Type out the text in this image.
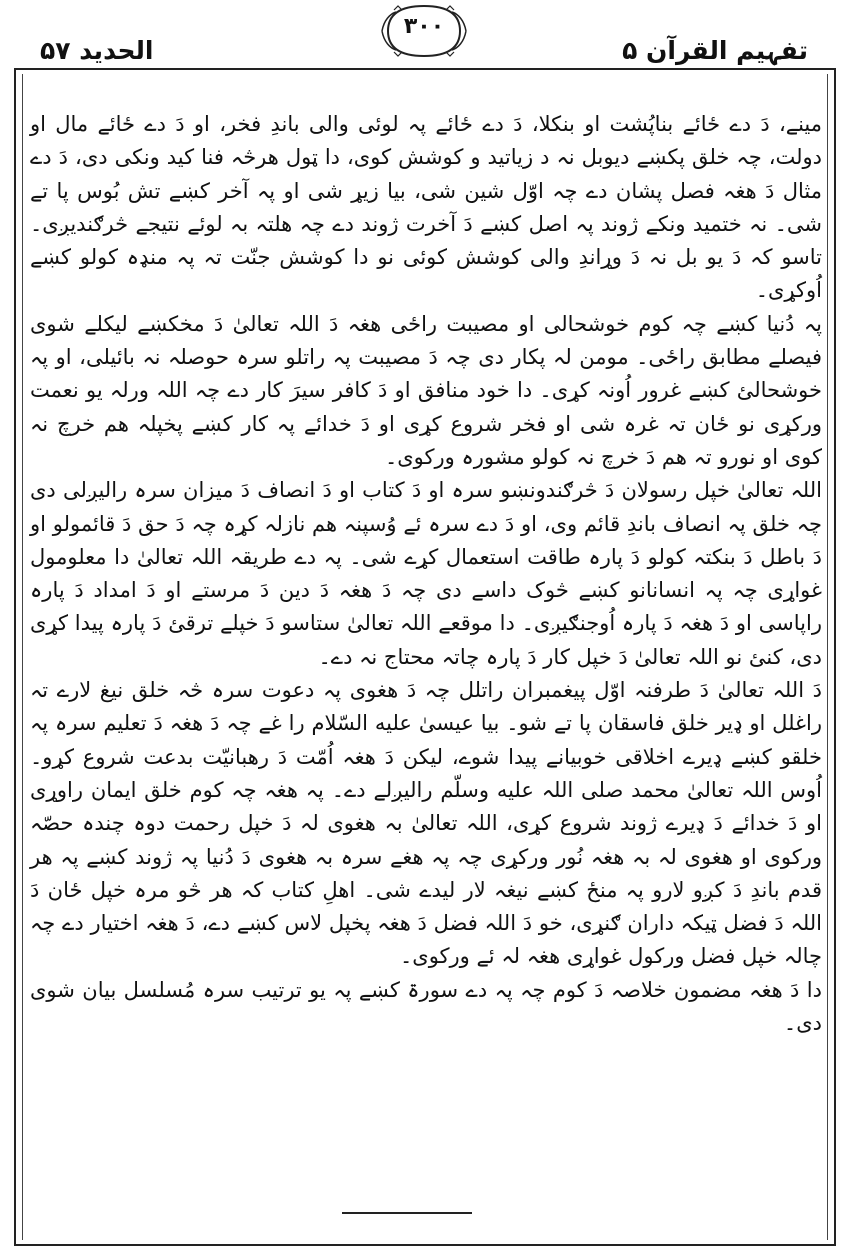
الحدید ۵۷
۳۰۰
تفہیم القرآن ۵

مینے، دَ دے ځائے بناپُشت او بنکلا، دَ دے ځائے پہ لوئی والی باندِ فخر، او دَ دے ځائے مال او دولت، چہ خلق پکښے دیوبل نہ د زیاتید و کوشش کوی، دا ټول هرڅہ فنا کید ونکی دی، دَ دے مثال دَ هغہ فصل پشان دے چہ اوّل شین شی، بیا زیړ شی او پہ آخر کښے تش بُوس پا تے شی۔ نہ ختمید ونکے ژوند پہ اصل کښے دَ آخرت ژوند دے چہ هلتہ بہ لوئے نتیجے څرګندیږی۔ تاسو کہ دَ یو بل نہ دَ وړاندِ والی کوشش کوئی نو دا کوشش جنّت تہ پہ منډہ کولو کښے اُوکړی۔

پہ دُنیا کښے چہ کوم خوشحالی او مصیبت راځی هغہ دَ اللہ تعالیٰ دَ مخکښے لیکلے شوی فیصلے مطابق راځی۔ مومن لہ پکار دی چہ دَ مصیبت پہ راتلو سرہ حوصلہ نہ بائیلی، او پہ خوشحالئ کښے غرور اُونہ کړی۔ دا خود منافق او دَ کافر سیرَ کار دے چہ اللہ ورلہ یو نعمت ورکړی نو ځان تہ غرہ شی او فخر شروع کړی او دَ خدائے پہ کار کښے پخپلہ هم خرچ نہ کوی او نورو تہ هم دَ خرچ نہ کولو مشورہ ورکوی۔

اللہ تعالیٰ خپل رسولان دَ څرګندونښو سرہ او دَ کتاب او دَ انصاف دَ میزان سرہ رالیږلی دی چہ خلق پہ انصاف باندِ قائم وی، او دَ دے سرہ ئے وُسپنہ هم نازلہ کړہ چہ دَ حق دَ قائمولو او دَ باطل دَ بنکتہ کولو دَ پارہ طاقت استعمال کړے شی۔ پہ دے طریقہ اللہ تعالیٰ دا معلومول غواړی چہ پہ انسانانو کښے څوک داسے دی چہ دَ هغہ دَ دین دَ مرستے او دَ امداد دَ پارہ راپاسی او دَ هغہ دَ پارہ اُوجنګیږی۔ دا موقعے اللہ تعالیٰ ستاسو دَ خپلے ترقئ دَ پارہ پیدا کړی دی، کنئ نو اللہ تعالیٰ دَ خپل کار دَ پارہ چاتہ محتاج نہ دے۔

دَ اللہ تعالیٰ دَ طرفنہ اوّل پیغمبران راتلل چہ دَ هغوی پہ دعوت سرہ څہ خلق نیغ لارے تہ راغلل او ډیر خلق فاسقان پا تے شو۔ بیا عیسیٰ علیه السّلام را غے چہ دَ هغہ دَ تعلیم سرہ پہ خلقو کښے ډیرے اخلاقی خوبیانے پیدا شوے، لیکن دَ هغہ اُمّت دَ رهبانیّت بدعت شروع کړو۔ اُوس اللہ تعالیٰ محمد صلی اللہ علیه وسلّم رالیږلے دے۔ پہ هغہ چہ کوم خلق ایمان راوړی او دَ خدائے دَ ډیرے ژوند شروع کړی، اللہ تعالیٰ بہ هغوی لہ دَ خپل رحمت دوہ چندہ حصّہ ورکوی او هغوی لہ بہ هغہ نُور ورکړی چہ پہ هغے سرہ بہ هغوی دَ دُنیا پہ ژوند کښے پہ هر قدم باندِ دَ کږو لارو پہ منځ کښے نیغہ لار لیدے شی۔ اهلِ کتاب کہ هر څو مرہ خپل ځان دَ اللہ دَ فضل ټیکہ داران ګنړی، خو دَ اللہ فضل دَ هغہ پخپل لاس کښے دے، دَ هغہ اختیار دے چہ چالہ خپل فضل ورکول غواړی هغہ لہ ئے ورکوی۔

دا دَ هغہ مضمون خلاصہ دَ کوم چہ پہ دے سورۃ کښے پہ یو ترتیب سرہ مُسلسل بیان شوی دی۔
